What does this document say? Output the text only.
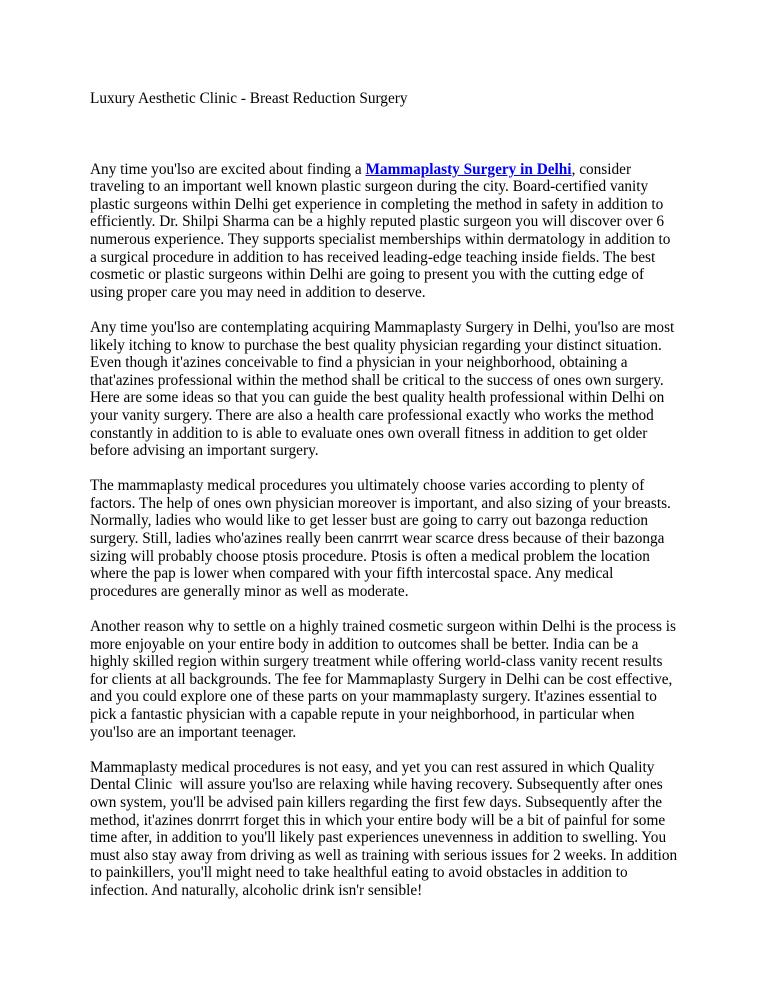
Luxury Aesthetic Clinic - Breast Reduction Surgery

Any time you'lso are excited about finding a Mammaplasty Surgery in Delhi, consider traveling to an important well known plastic surgeon during the city. Board-certified vanity plastic surgeons within Delhi get experience in completing the method in safety in addition to efficiently. Dr. Shilpi Sharma can be a highly reputed plastic surgeon you will discover over 6 numerous experience. They supports specialist memberships within dermatology in addition to a surgical procedure in addition to has received leading-edge teaching inside fields. The best cosmetic or plastic surgeons within Delhi are going to present you with the cutting edge of using proper care you may need in addition to deserve.

Any time you'lso are contemplating acquiring Mammaplasty Surgery in Delhi, you'lso are most likely itching to know to purchase the best quality physician regarding your distinct situation. Even though it'azines conceivable to find a physician in your neighborhood, obtaining a that'azines professional within the method shall be critical to the success of ones own surgery. Here are some ideas so that you can guide the best quality health professional within Delhi on your vanity surgery. There are also a health care professional exactly who works the method constantly in addition to is able to evaluate ones own overall fitness in addition to get older before advising an important surgery.

The mammaplasty medical procedures you ultimately choose varies according to plenty of factors. The help of ones own physician moreover is important, and also sizing of your breasts. Normally, ladies who would like to get lesser bust are going to carry out bazonga reduction surgery. Still, ladies who'azines really been canrrrt wear scarce dress because of their bazonga sizing will probably choose ptosis procedure. Ptosis is often a medical problem the location where the pap is lower when compared with your fifth intercostal space. Any medical procedures are generally minor as well as moderate.

Another reason why to settle on a highly trained cosmetic surgeon within Delhi is the process is more enjoyable on your entire body in addition to outcomes shall be better. India can be a highly skilled region within surgery treatment while offering world-class vanity recent results for clients at all backgrounds. The fee for Mammaplasty Surgery in Delhi can be cost effective, and you could explore one of these parts on your mammaplasty surgery. It'azines essential to pick a fantastic physician with a capable repute in your neighborhood, in particular when you'lso are an important teenager.

Mammaplasty medical procedures is not easy, and yet you can rest assured in which Quality Dental Clinic  will assure you'lso are relaxing while having recovery. Subsequently after ones own system, you'll be advised pain killers regarding the first few days. Subsequently after the method, it'azines donrrrt forget this in which your entire body will be a bit of painful for some time after, in addition to you'll likely past experiences unevenness in addition to swelling. You must also stay away from driving as well as training with serious issues for 2 weeks. In addition to painkillers, you'll might need to take healthful eating to avoid obstacles in addition to infection. And naturally, alcoholic drink isn'r sensible!
